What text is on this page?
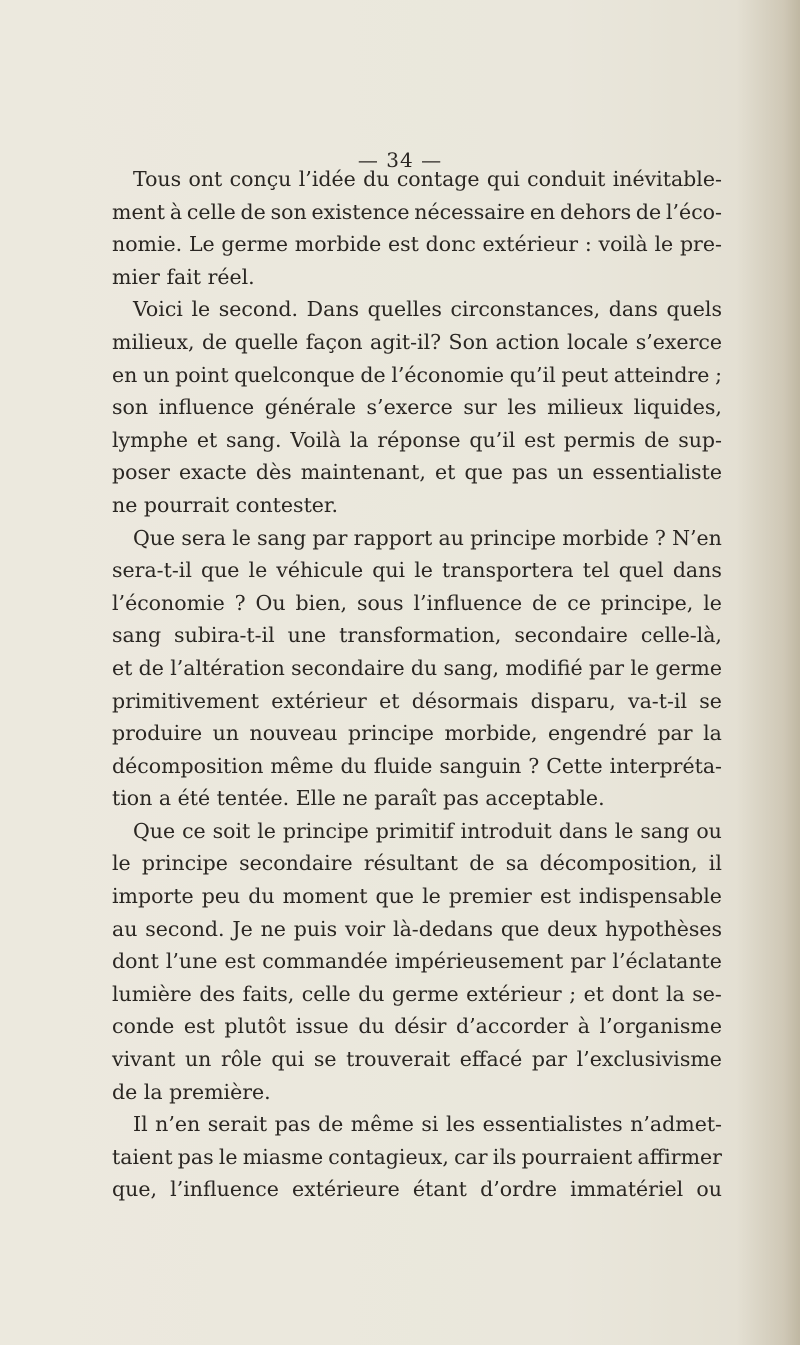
— 34 —
Tous ont conçu l’idée du contage qui conduit inévitable-
ment à celle de son existence nécessaire en dehors de l’éco-
nomie. Le germe morbide est donc extérieur : voilà le pre-
mier fait réel.
Voici le second. Dans quelles circonstances, dans quels
milieux, de quelle façon agit-il? Son action locale s’exerce
en un point quelconque de l’économie qu’il peut atteindre ;
son influence générale s’exerce sur les milieux liquides,
lymphe et sang. Voilà la réponse qu’il est permis de sup-
poser exacte dès maintenant, et que pas un essentialiste
ne pourrait contester.
Que sera le sang par rapport au principe morbide ? N’en
sera-t-il que le véhicule qui le transportera tel quel dans
l’économie ? Ou bien, sous l’influence de ce principe, le
sang subira-t-il une transformation, secondaire celle-là,
et de l’altération secondaire du sang, modifié par le germe
primitivement extérieur et désormais disparu, va-t-il se
produire un nouveau principe morbide, engendré par la
décomposition même du fluide sanguin ? Cette interpréta-
tion a été tentée. Elle ne paraît pas acceptable.
Que ce soit le principe primitif introduit dans le sang ou
le principe secondaire résultant de sa décomposition, il
importe peu du moment que le premier est indispensable
au second. Je ne puis voir là-dedans que deux hypothèses
dont l’une est commandée impérieusement par l’éclatante
lumière des faits, celle du germe extérieur ; et dont la se-
conde est plutôt issue du désir d’accorder à l’organisme
vivant un rôle qui se trouverait effacé par l’exclusivisme
de la première.
Il n’en serait pas de même si les essentialistes n’admet-
taient pas le miasme contagieux, car ils pourraient affirmer
que, l’influence extérieure étant d’ordre immatériel ou
